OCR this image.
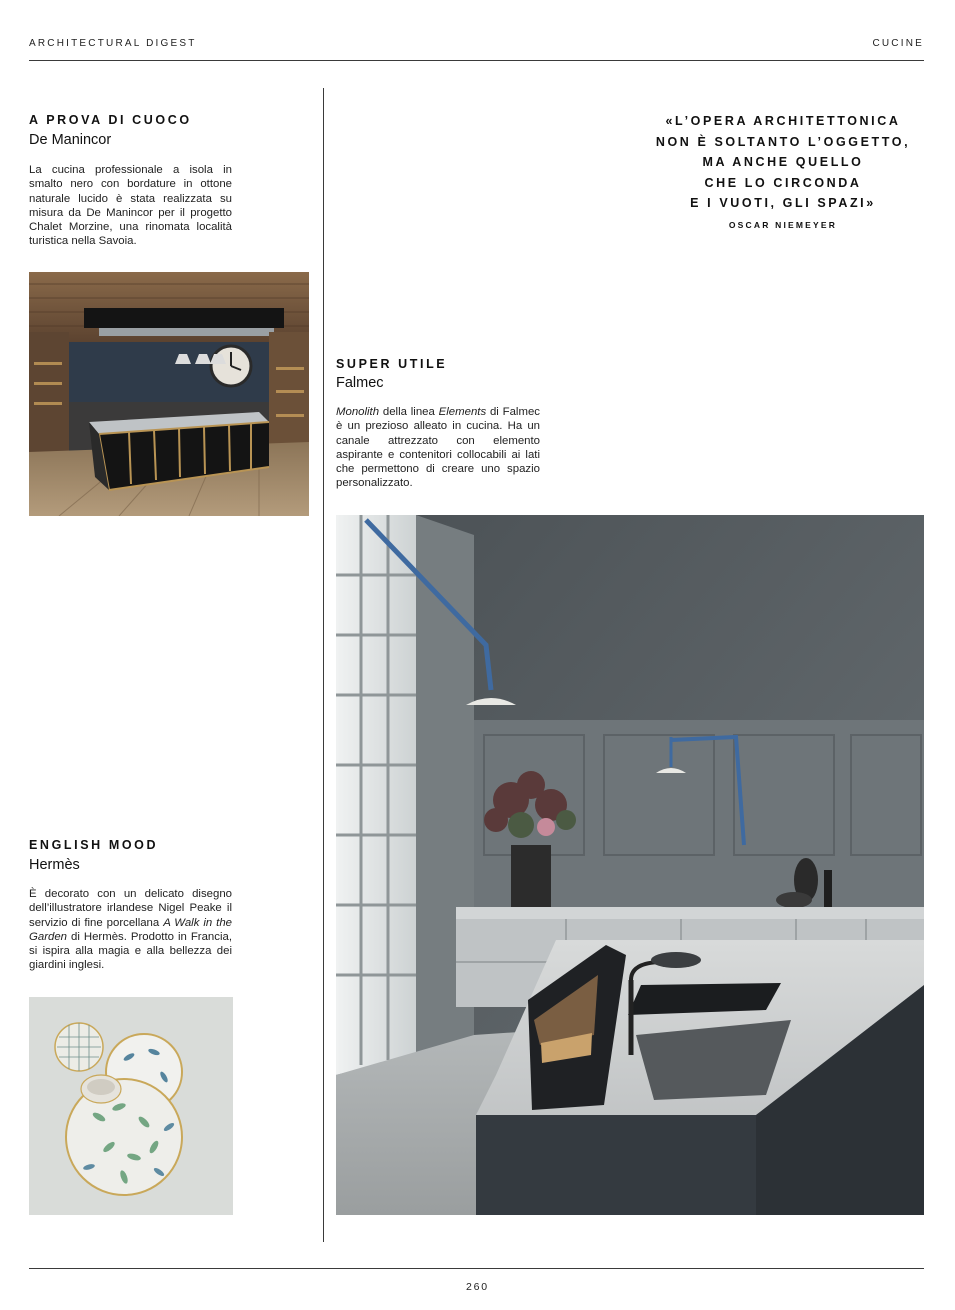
ARCHITECTURAL DIGEST	CUCINE
A PROVA DI CUOCO
De Manincor
La cucina professionale a isola in smalto nero con bordature in ottone naturale lucido è stata realizzata su misura da De Manincor per il progetto Chalet Morzine, una rinomata località turistica nella Savoia.
«L’OPERA ARCHITETTONICA
NON È SOLTANTO L’OGGETTO,
MA ANCHE QUELLO
CHE LO CIRCONDA
E I VUOTI, GLI SPAZI»
OSCAR NIEMEYER
SUPER UTILE
Falmec
Monolith della linea Elements di Falmec è un prezioso alleato in cucina. Ha un canale attrezzato con elemento aspirante e contenitori collocabili ai lati che permettono di creare uno spazio personalizzato.
ENGLISH MOOD
Hermès
È decorato con un delicato disegno dell’illustratore irlandese Nigel Peake il servizio di fine porcellana A Walk in the Garden di Hermès. Prodotto in Francia, si ispira alla magia e alla bellezza dei giardini inglesi.
260
